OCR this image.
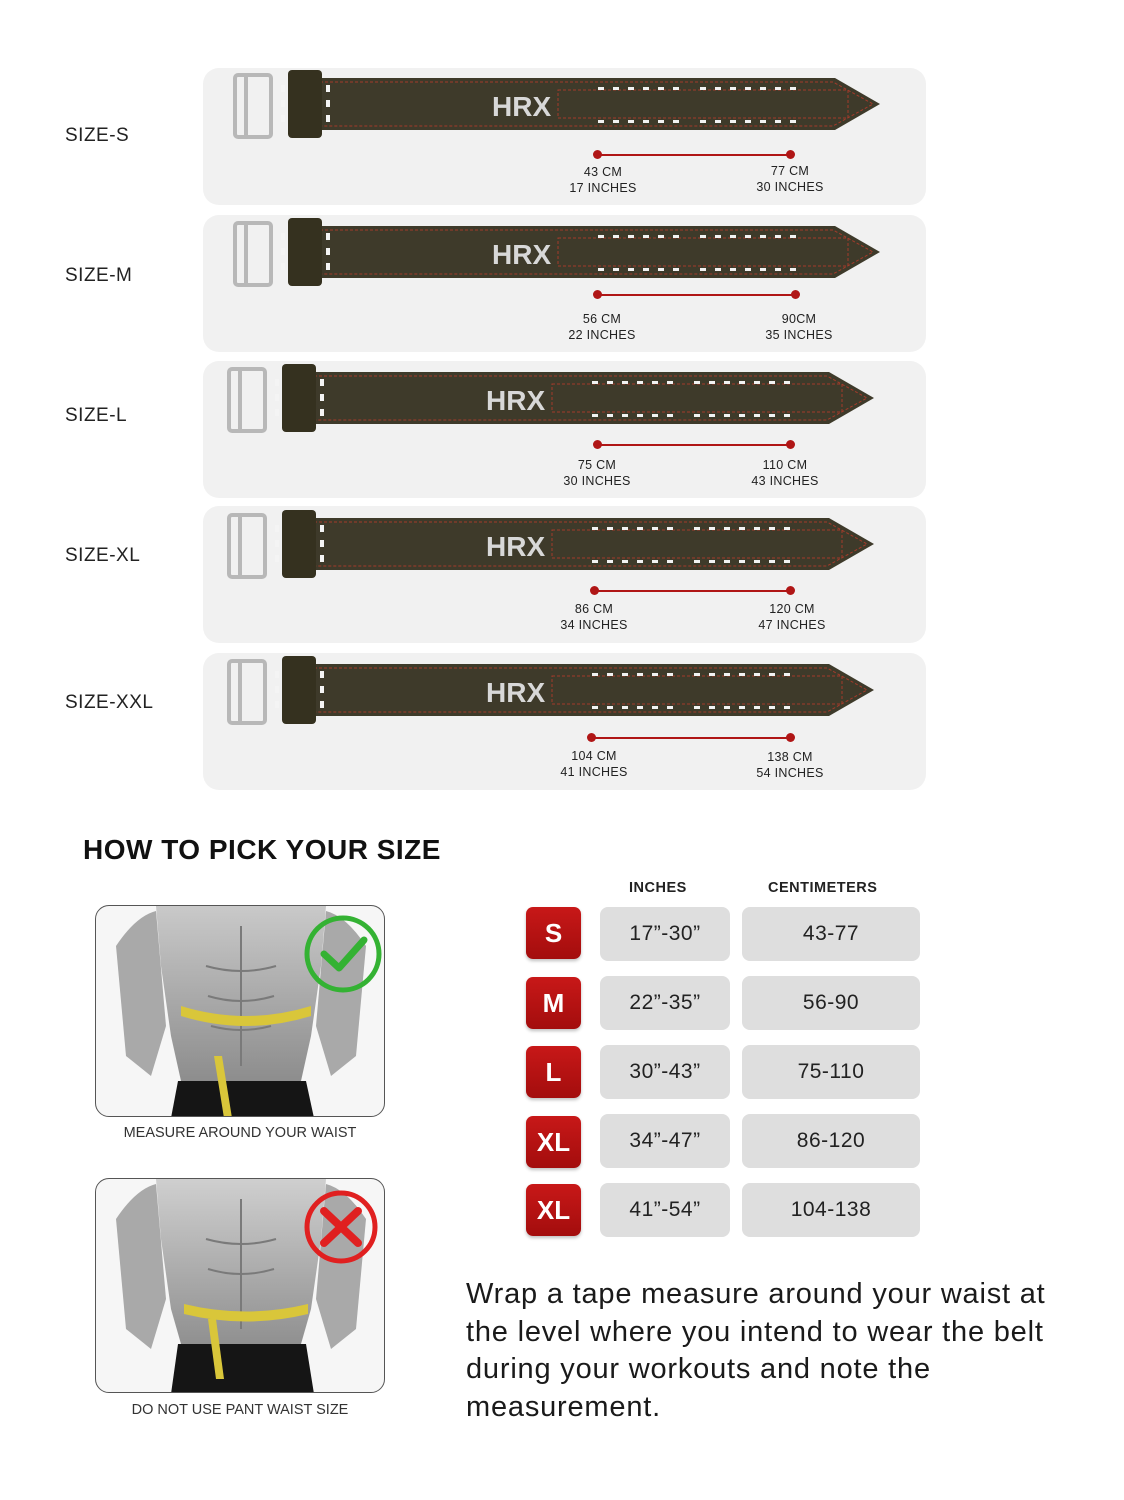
SIZE-S
HRX
43 CM
17 INCHES
77 CM
30 INCHES
SIZE-M
HRX
56 CM
22 INCHES
90CM
35 INCHES
SIZE-L	HRX
75 CM
30 INCHES
110 CM
43 INCHES
SIZE-XL	HRX
86 CM
34 INCHES
120 CM
47 INCHES
SIZE-XXL	HRX
104 CM
41 INCHES
138 CM
54 INCHES
HOW TO PICK YOUR SIZE
MEASURE AROUND YOUR WAIST
DO NOT USE PANT WAIST SIZE
INCHES	CENTIMETERS
S	17”-30”	43-77
M	22”-35”	56-90
L	30”-43”	75-110
XL	34”-47”	86-120
XL	41”-54”	104-138
Wrap a tape measure around your waist at the level where you intend to wear the belt during your workouts and note the measurement.
